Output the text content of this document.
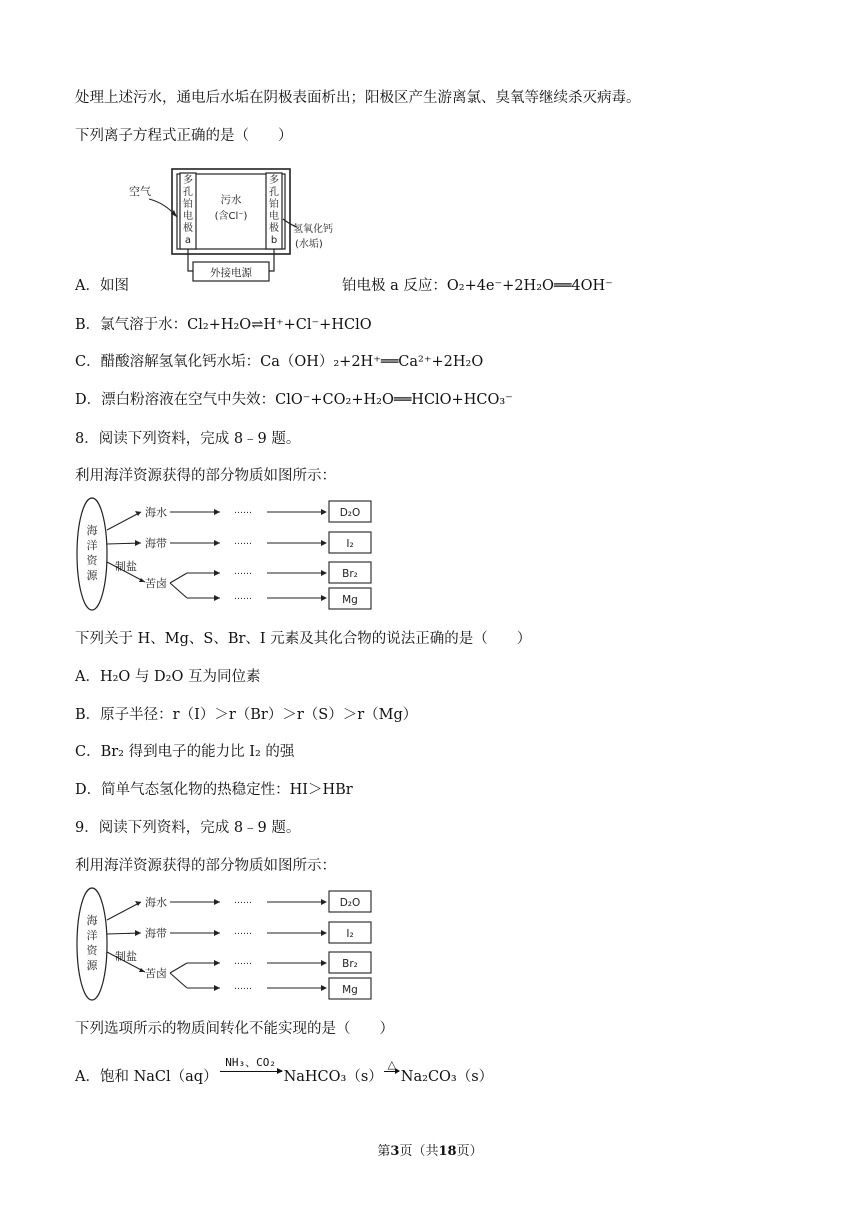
处理上述污水，通电后水垢在阴极表面析出；阳极区产生游离氯、臭氧等继续杀灭病毒。
下列离子方程式正确的是（　　）
多
孔
铂
电
极
a
多
孔
铂
电
极
b
污水
(含Cl⁻)
空气
氢氧化钙
(水垢)
外接电源
A．如图	铂电极 a 反应：O₂+4e⁻+2H₂O══4OH⁻
B．氯气溶于水：Cl₂+H₂O⇌H⁺+Cl⁻+HClO
C．醋酸溶解氢氧化钙水垢：Ca（OH）₂+2H⁺══Ca²⁺+2H₂O
D．漂白粉溶液在空气中失效：ClO⁻+CO₂+H₂O══HClO+HCO₃⁻
8．阅读下列资料，完成 8﹣9 题。
利用海洋资源获得的部分物质如图所示：
海
洋
资
源
海水
海带
制盐
苦卤
……
……
……
……
D₂O
I₂
Br₂
Mg
下列关于 H、Mg、S、Br、I 元素及其化合物的说法正确的是（　　）
A．H₂O 与 D₂O 互为同位素
B．原子半径：r（I）＞r（Br）＞r（S）＞r（Mg）
C．Br₂ 得到电子的能力比 I₂ 的强
D．简单气态氢化物的热稳定性：HI＞HBr
9．阅读下列资料，完成 8﹣9 题。
利用海洋资源获得的部分物质如图所示：
海
洋
资
源
海水
海带
制盐
苦卤
……
……
……
……
D₂O
I₂
Br₂
Mg
下列选项所示的物质间转化不能实现的是（　　）
A．饱和 NaCl（aq）
NH₃、CO₂
NaHCO₃（s）
△
Na₂CO₃（s）
第3页（共18页）
